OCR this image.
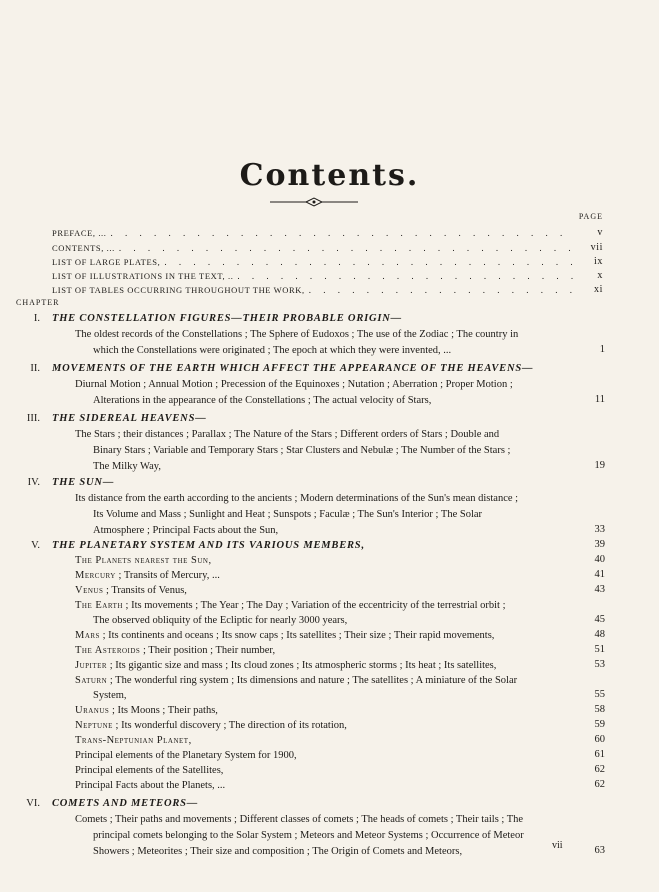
Contents.
PAGE
PREFACE, ... . . .	v
CONTENTS, ... . . .	vii
LIST OF LARGE PLATES, . . .	ix
LIST OF ILLUSTRATIONS IN THE TEXT, .. . . .	x
LIST OF TABLES OCCURRING THROUGHOUT THE WORK, . . .	xi
CHAPTER
I. THE CONSTELLATION FIGURES—THEIR PROBABLE ORIGIN—
The oldest records of the Constellations ; The Sphere of Eudoxos ; The use of the Zodiac ; The country in
which the Constellations were originated ; The epoch at which they were invented, ...	1
II. MOVEMENTS OF THE EARTH WHICH AFFECT THE APPEARANCE OF THE HEAVENS—
Diurnal Motion ; Annual Motion ; Precession of the Equinoxes ; Nutation ; Aberration ; Proper Motion ;
Alterations in the appearance of the Constellations ; The actual velocity of Stars,	11
III. THE SIDEREAL HEAVENS—
The Stars ; their distances ; Parallax ; The Nature of the Stars ; Different orders of Stars ; Double and
Binary Stars ; Variable and Temporary Stars ; Star Clusters and Nebulæ ; The Number of the Stars ;
The Milky Way,	19
IV. THE SUN—
Its distance from the earth according to the ancients ; Modern determinations of the Sun's mean distance ;
Its Volume and Mass ; Sunlight and Heat ; Sunspots ; Faculæ ; The Sun's Interior ; The Solar
Atmosphere ; Principal Facts about the Sun,	33
V. THE PLANETARY SYSTEM AND ITS VARIOUS MEMBERS,	39
The Planets nearest the Sun,	40
Mercury ; Transits of Mercury, ...	41
Venus ; Transits of Venus,	43
The Earth ; Its movements ; The Year ; The Day ; Variation of the eccentricity of the terrestrial orbit ;
The observed obliquity of the Ecliptic for nearly 3000 years,	45
Mars ; Its continents and oceans ; Its snow caps ; Its satellites ; Their size ; Their rapid movements,	48
The Asteroids ; Their position ; Their number,	51
Jupiter ; Its gigantic size and mass ; Its cloud zones ; Its atmospheric storms ; Its heat ; Its satellites,	53
Saturn ; The wonderful ring system ; Its dimensions and nature ; The satellites ; A miniature of the Solar
System,	55
Uranus ; Its Moons ; Their paths,	58
Neptune ; Its wonderful discovery ; The direction of its rotation,	59
Trans-Neptunian Planet,	60
Principal elements of the Planetary System for 1900,	61
Principal elements of the Satellites,	62
Principal Facts about the Planets, ...	62
VI. COMETS AND METEORS—
Comets ; Their paths and movements ; Different classes of comets ; The heads of comets ; Their tails ; The
principal comets belonging to the Solar System ; Meteors and Meteor Systems ; Occurrence of Meteor
Showers ; Meteorites ; Their size and composition ; The Origin of Comets and Meteors,	63
vii
